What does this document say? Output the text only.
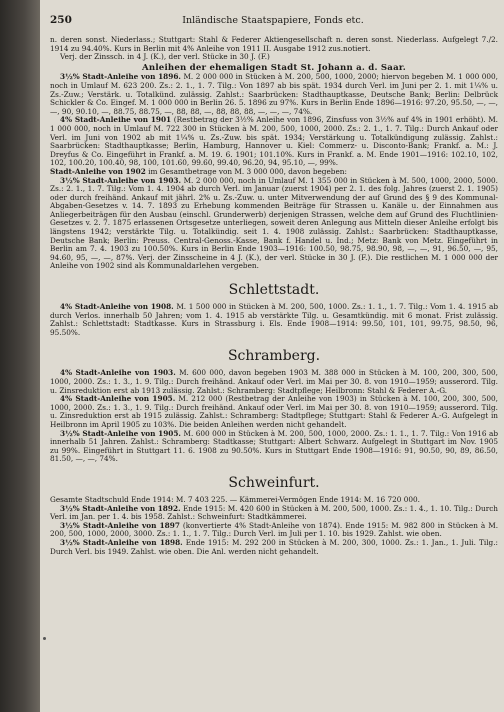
250	Inländische Staatspapiere, Fonds etc.

n. deren sonst. Niederlass.; Stuttgart: Stahl & Federer Aktiengesellschaft n. deren sonst. Niederlass. Aufgelegt 7./2. 1914 zu 94.40%. Kurs in Berlin mit 4% Anleihe von 1911 II. Ausgabe 1912 zus.notiert.

Verj. der Zinssch. in 4 J. (K.), der verl. Stücke in 30 J. (F.)

Anleihen der ehemaligen Stadt St. Johann a. d. Saar.

3½% Stadt-Anleihe von 1896. M. 2 000 000 in Stücken à M. 200, 500, 1000, 2000; hiervon begeben M. 1 000 000, noch in Umlauf M. 623 200. Zs.: 2. 1., 1. 7. Tilg.: Von 1897 ab bis spät. 1934 durch Verl. im Juni per 2. 1. mit 1¼% u. Zs.-Zuw.; Verstärk. u. Totalkünd. zulässig. Zahlst.: Saarbrücken: Stadthauptkasse, Deutsche Bank; Berlin: Delbrück Schickler & Co. Eingef. M. 1 000 000 in Berlin 26. 5. 1896 zu 97%. Kurs in Berlin Ende 1896—1916: 97.20, 95.50, —, —, —, 90, 90.10, —, 88.75, 88.75, —, 88, 88, —, 88, 88, 88, —, —, —, 74%.

4% Stadt-Anleihe von 1901 (Restbetrag der 3½% Anleihe von 1896, Zinsfuss von 3½% auf 4% in 1901 erhöht). M. 1 000 000, noch in Umlauf M. 722 300 in Stücken à M. 200, 500, 1000, 2000. Zs.: 2. 1., 1. 7. Tilg.: Durch Ankauf oder Verl. im Juni von 1902 ab mit 1¼% u. Zs.-Zuw. bis spät. 1934; Verstärkung u. Totalkündigung zulässig. Zahlst.: Saarbrücken: Stadthauptkasse; Berlin, Hamburg, Hannover u. Kiel: Commerz- u. Disconto-Bank; Frankf. a. M.: J. Dreyfus & Co. Eingeführt in Frankf. a. M. 19. 6. 1901; 101.10%. Kurs in Frankf. a. M. Ende 1901—1916: 102.10, 102, 102, 100.20, 100.40, 98, 100, 101.60, 99.60, 99.40, 96.20, 94, 95.10, —, 99%.

Stadt-Anleihe von 1902 im Gesamtbetrage von M. 3 000 000, davon begeben:

3½% Stadt-Anleihe von 1903. M. 2 000 000, noch in Umlauf M. 1 355 000 in Stücken à M. 500, 1000, 2000, 5000. Zs.: 2. 1., 1. 7. Tilg.: Vom 1. 4. 1904 ab durch Verl. im Januar (zuerst 1904) per 2. 1. des folg. Jahres (zuerst 2. 1. 1905) oder durch freihänd. Ankauf mit jährl. 2% u. Zs.-Zuw. u. unter Mitverwendung der auf Grund des § 9 des Kommunal-Abgaben-Gesetzes v. 14. 7. 1893 zu Erhebung kommenden Beiträge für Strassen u. Kanäle u. der Einnahmen aus Anliegerbeiträgen für den Ausbau (einschl. Grunderwerb) derjenigen Strassen, welche dem auf Grund des Fluchtlinien-Gesetzes v. 2. 7. 1875 erlassenen Ortsgesetze unterliegen, soweit deren Anlegung aus Mitteln dieser Anleihe erfolgt bis längstens 1942; verstärkte Tilg. u. Totalkündig. seit 1. 4. 1908 zulässig. Zahlst.: Saarbrücken: Stadthauptkasse, Deutsche Bank; Berlin: Preuss. Central-Genoss.-Kasse, Bank f. Handel u. Ind.; Metz: Bank von Metz. Eingeführt in Berlin am 7. 4. 1903 zu 100.50%. Kurs in Berlin Ende 1903—1916: 100.50, 98.75, 98.90, 98, —, —, 91, 96.50, —, 95, 94.60, 95, —, —, 87%. Verj. der Zinsscheine in 4 J. (K.), der verl. Stücke in 30 J. (F.). Die restlichen M. 1 000 000 der Anleihe von 1902 sind als Kommunaldarlehen vergeben.

Schlettstadt.

4% Stadt-Anleihe von 1908. M. 1 500 000 in Stücken à M. 200, 500, 1000. Zs.: 1. 1., 1. 7. Tilg.: Vom 1. 4. 1915 ab durch Verlos. innerhalb 50 Jahren; vom 1. 4. 1915 ab verstärkte Tilg. u. Gesamtkündig. mit 6 monat. Frist zulässig. Zahlst.: Schlettstadt: Stadtkasse. Kurs in Strassburg i. Els. Ende 1908—1914: 99.50, 101, 101, 99.75, 98.50, 96, 95.50%.

Schramberg.

4% Stadt-Anleihe von 1903. M. 600 000, davon begeben 1903 M. 388 000 in Stücken à M. 100, 200, 300, 500, 1000, 2000. Zs.: 1. 3., 1. 9. Tilg.: Durch freihänd. Ankauf oder Verl. im Mai per 30. 8. von 1910—1959; ausserord. Tilg. u. Zinsreduktion erst ab 1913 zulässig. Zahlst.: Schramberg: Stadtpflege; Heilbronn: Stahl & Federer A.-G.

4% Stadt-Anleihe von 1905. M. 212 000 (Restbetrag der Anleihe von 1903) in Stücken à M. 100, 200, 300, 500, 1000, 2000. Zs.: 1. 3., 1. 9. Tilg.: Durch freihänd. Ankauf oder Verl. im Mai per 30. 8. von 1910—1959; ausserord. Tilg. u. Zinsreduktion erst ab 1915 zulässig. Zahlst.: Schramberg: Stadtpflege; Stuttgart: Stahl & Federer A.-G. Aufgelegt in Heilbronn im April 1905 zu 103%. Die beiden Anleihen werden nicht gehandelt.

3½% Stadt-Anleihe von 1905. M. 600 000 in Stücken à M. 200, 500, 1000, 2000. Zs.: 1. 1., 1. 7. Tilg.: Von 1916 ab innerhalb 51 Jahren. Zahlst.: Schramberg: Stadtkasse; Stuttgart: Albert Schwarz. Aufgelegt in Stuttgart im Nov. 1905 zu 99%. Eingeführt in Stuttgart 11. 6. 1908 zu 90.50%. Kurs in Stuttgart Ende 1908—1916: 91, 90.50, 90, 89, 86.50, 81.50, —, —, 74%.

Schweinfurt.

Gesamte Stadtschuld Ende 1914: M. 7 403 225. — Kämmerei-Vermögen Ende 1914: M. 16 720 000.

3½% Stadt-Anleihe von 1892. Ende 1915: M. 420 600 in Stücken à M. 200, 500, 1000. Zs.: 1. 4., 1. 10. Tilg.: Durch Verl. im Jan. per 1. 4. bis 1958. Zahlst.: Schweinfurt: Stadtkämmerei.

3½% Stadt-Anleihe von 1897 (konvertierte 4% Stadt-Anleihe von 1874). Ende 1915: M. 982 800 in Stücken à M. 200, 500, 1000, 2000, 3000. Zs.: 1. 1., 1. 7. Tilg.: Durch Verl. im Juli per 1. 10. bis 1929. Zahlst. wie oben.

3½% Stadt-Anleihe von 1898. Ende 1915: M. 292 200 in Stücken à M. 200, 300, 1000. Zs.: 1. Jan., 1. Juli. Tilg.: Durch Verl. bis 1949. Zahlst. wie oben. Die Anl. werden nicht gehandelt.
